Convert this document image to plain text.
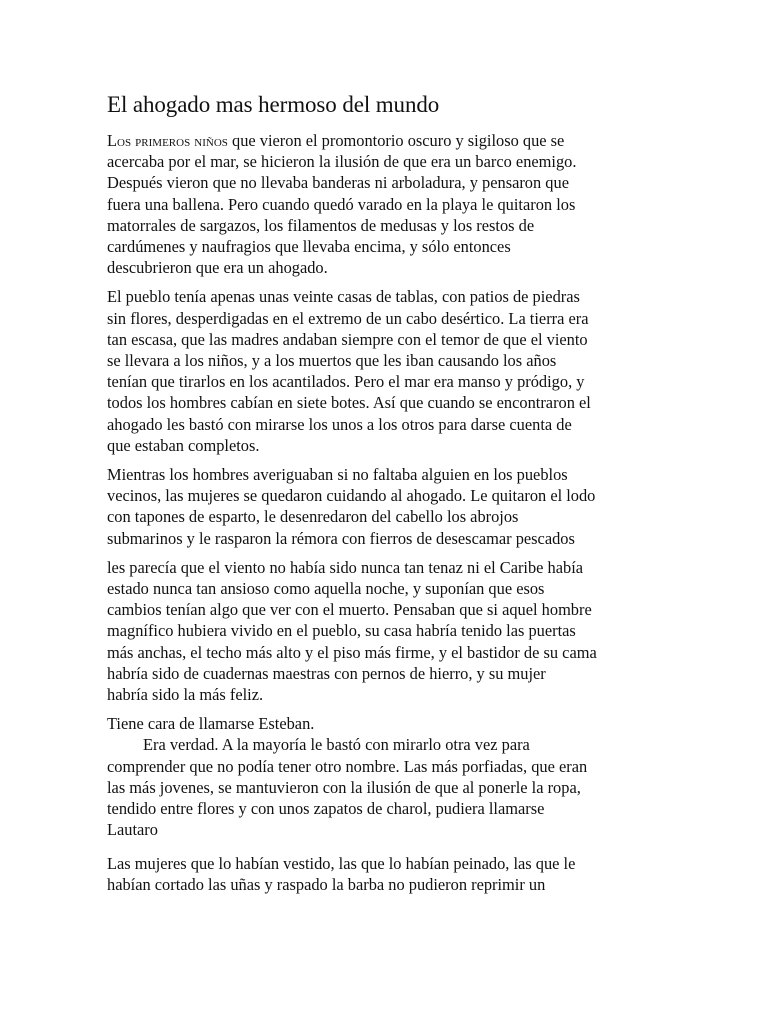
El ahogado mas hermoso del mundo

Los primeros niños que vieron el promontorio oscuro y sigiloso que se
acercaba por el mar, se hicieron la ilusión de que era un barco enemigo.
Después vieron que no llevaba banderas ni arboladura, y pensaron que
fuera una ballena. Pero cuando quedó varado en la playa le quitaron los
matorrales de sargazos, los filamentos de medusas y los restos de
cardúmenes y naufragios que llevaba encima, y sólo entonces
descubrieron que era un ahogado.

El pueblo tenía apenas unas veinte casas de tablas, con patios de piedras
sin flores, desperdigadas en el extremo de un cabo desértico. La tierra era
tan escasa, que las madres andaban siempre con el temor de que el viento
se llevara a los niños, y a los muertos que les iban causando los años
tenían que tirarlos en los acantilados. Pero el mar era manso y pródigo, y
todos los hombres cabían en siete botes. Así que cuando se encontraron el
ahogado les bastó con mirarse los unos a los otros para darse cuenta de
que estaban completos.

Mientras los hombres averiguaban si no faltaba alguien en los pueblos
vecinos, las mujeres se quedaron cuidando al ahogado. Le quitaron el lodo
con tapones de esparto, le desenredaron del cabello los abrojos
submarinos y le rasparon la rémora con fierros de desescamar pescados

les parecía que el viento no había sido nunca tan tenaz ni el Caribe había
estado nunca tan ansioso como aquella noche, y suponían que esos
cambios tenían algo que ver con el muerto. Pensaban que si aquel hombre
magnífico hubiera vivido en el pueblo, su casa habría tenido las puertas
más anchas, el techo más alto y el piso más firme, y el bastidor de su cama
habría sido de cuadernas maestras con pernos de hierro, y su mujer
habría sido la más feliz.

Tiene cara de llamarse Esteban.

Era verdad. A la mayoría le bastó con mirarlo otra vez para
comprender que no podía tener otro nombre. Las más porfiadas, que eran
las más jovenes, se mantuvieron con la ilusión de que al ponerle la ropa,
tendido entre flores y con unos zapatos de charol, pudiera llamarse
Lautaro

Las mujeres que lo habían vestido, las que lo habían peinado, las que le
habían cortado las uñas y raspado la barba no pudieron reprimir un
